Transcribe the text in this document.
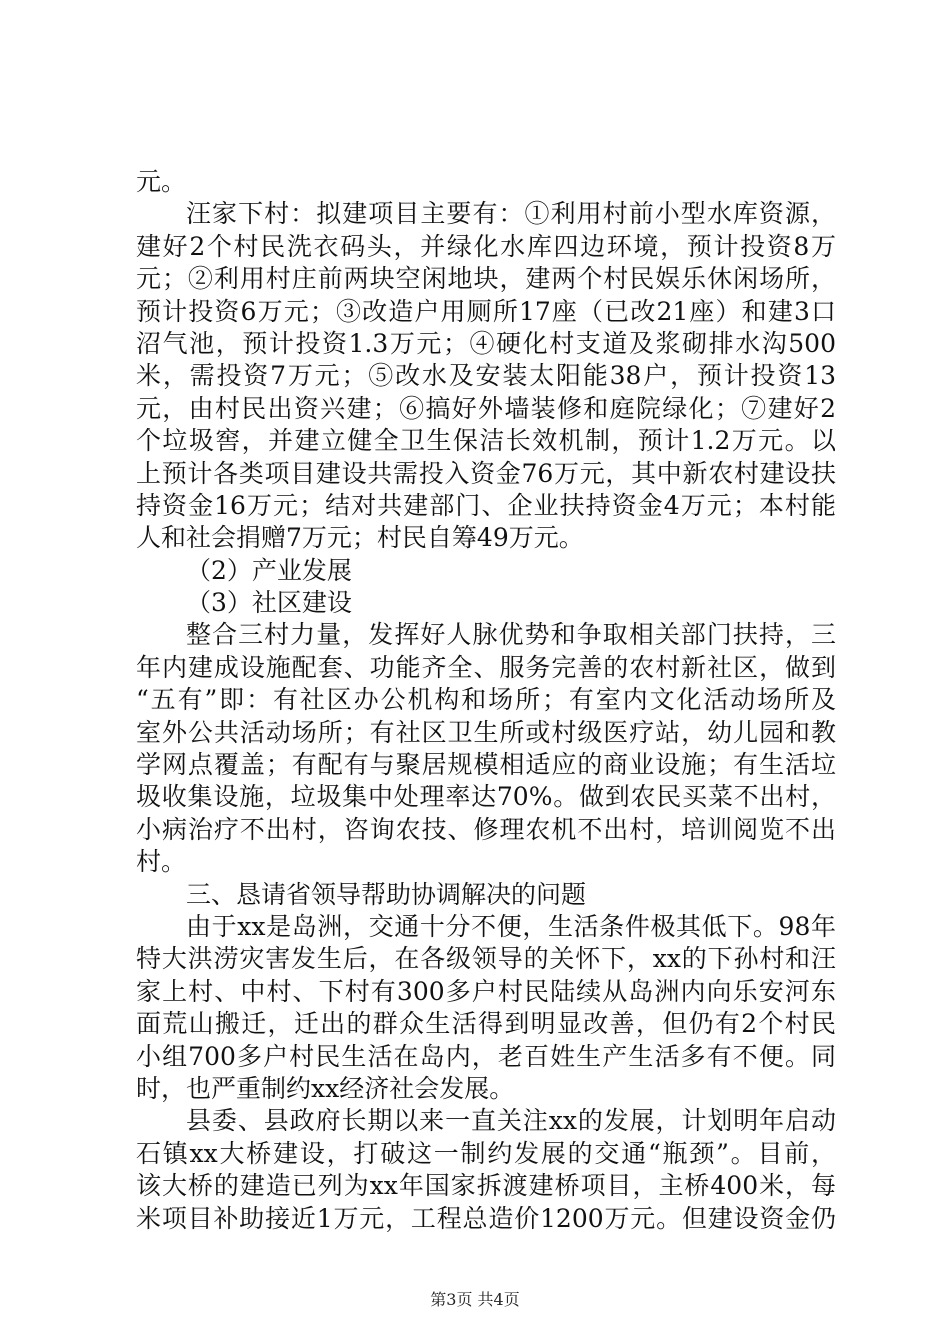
元。
汪家下村：拟建项目主要有：①利用村前小型水库资源，
建好2个村民洗衣码头，并绿化水库四边环境，预计投资8万
元；②利用村庄前两块空闲地块，建两个村民娱乐休闲场所，
预计投资6万元；③改造户用厕所17座（已改21座）和建3口
沼气池，预计投资1.3万元；④硬化村支道及浆砌排水沟500
米，需投资7万元；⑤改水及安装太阳能38户，预计投资13
元，由村民出资兴建；⑥搞好外墙装修和庭院绿化；⑦建好2
个垃圾窖，并建立健全卫生保洁长效机制，预计1.2万元。以
上预计各类项目建设共需投入资金76万元，其中新农村建设扶
持资金16万元；结对共建部门、企业扶持资金4万元；本村能
人和社会捐赠7万元；村民自筹49万元。
（2）产业发展
（3）社区建设
整合三村力量，发挥好人脉优势和争取相关部门扶持，三
年内建成设施配套、功能齐全、服务完善的农村新社区，做到
“五有”即：有社区办公机构和场所；有室内文化活动场所及
室外公共活动场所；有社区卫生所或村级医疗站，幼儿园和教
学网点覆盖；有配有与聚居规模相适应的商业设施；有生活垃
圾收集设施，垃圾集中处理率达70%。做到农民买菜不出村，
小病治疗不出村，咨询农技、修理农机不出村，培训阅览不出
村。
三、恳请省领导帮助协调解决的问题
由于xx是岛洲，交通十分不便，生活条件极其低下。98年
特大洪涝灾害发生后，在各级领导的关怀下，xx的下孙村和汪
家上村、中村、下村有300多户村民陆续从岛洲内向乐安河东
面荒山搬迁，迁出的群众生活得到明显改善，但仍有2个村民
小组700多户村民生活在岛内，老百姓生产生活多有不便。同
时，也严重制约xx经济社会发展。
县委、县政府长期以来一直关注xx的发展，计划明年启动
石镇xx大桥建设，打破这一制约发展的交通“瓶颈”。目前，
该大桥的建造已列为xx年国家拆渡建桥项目，主桥400米，每
米项目补助接近1万元，工程总造价1200万元。但建设资金仍
第3页 共4页
